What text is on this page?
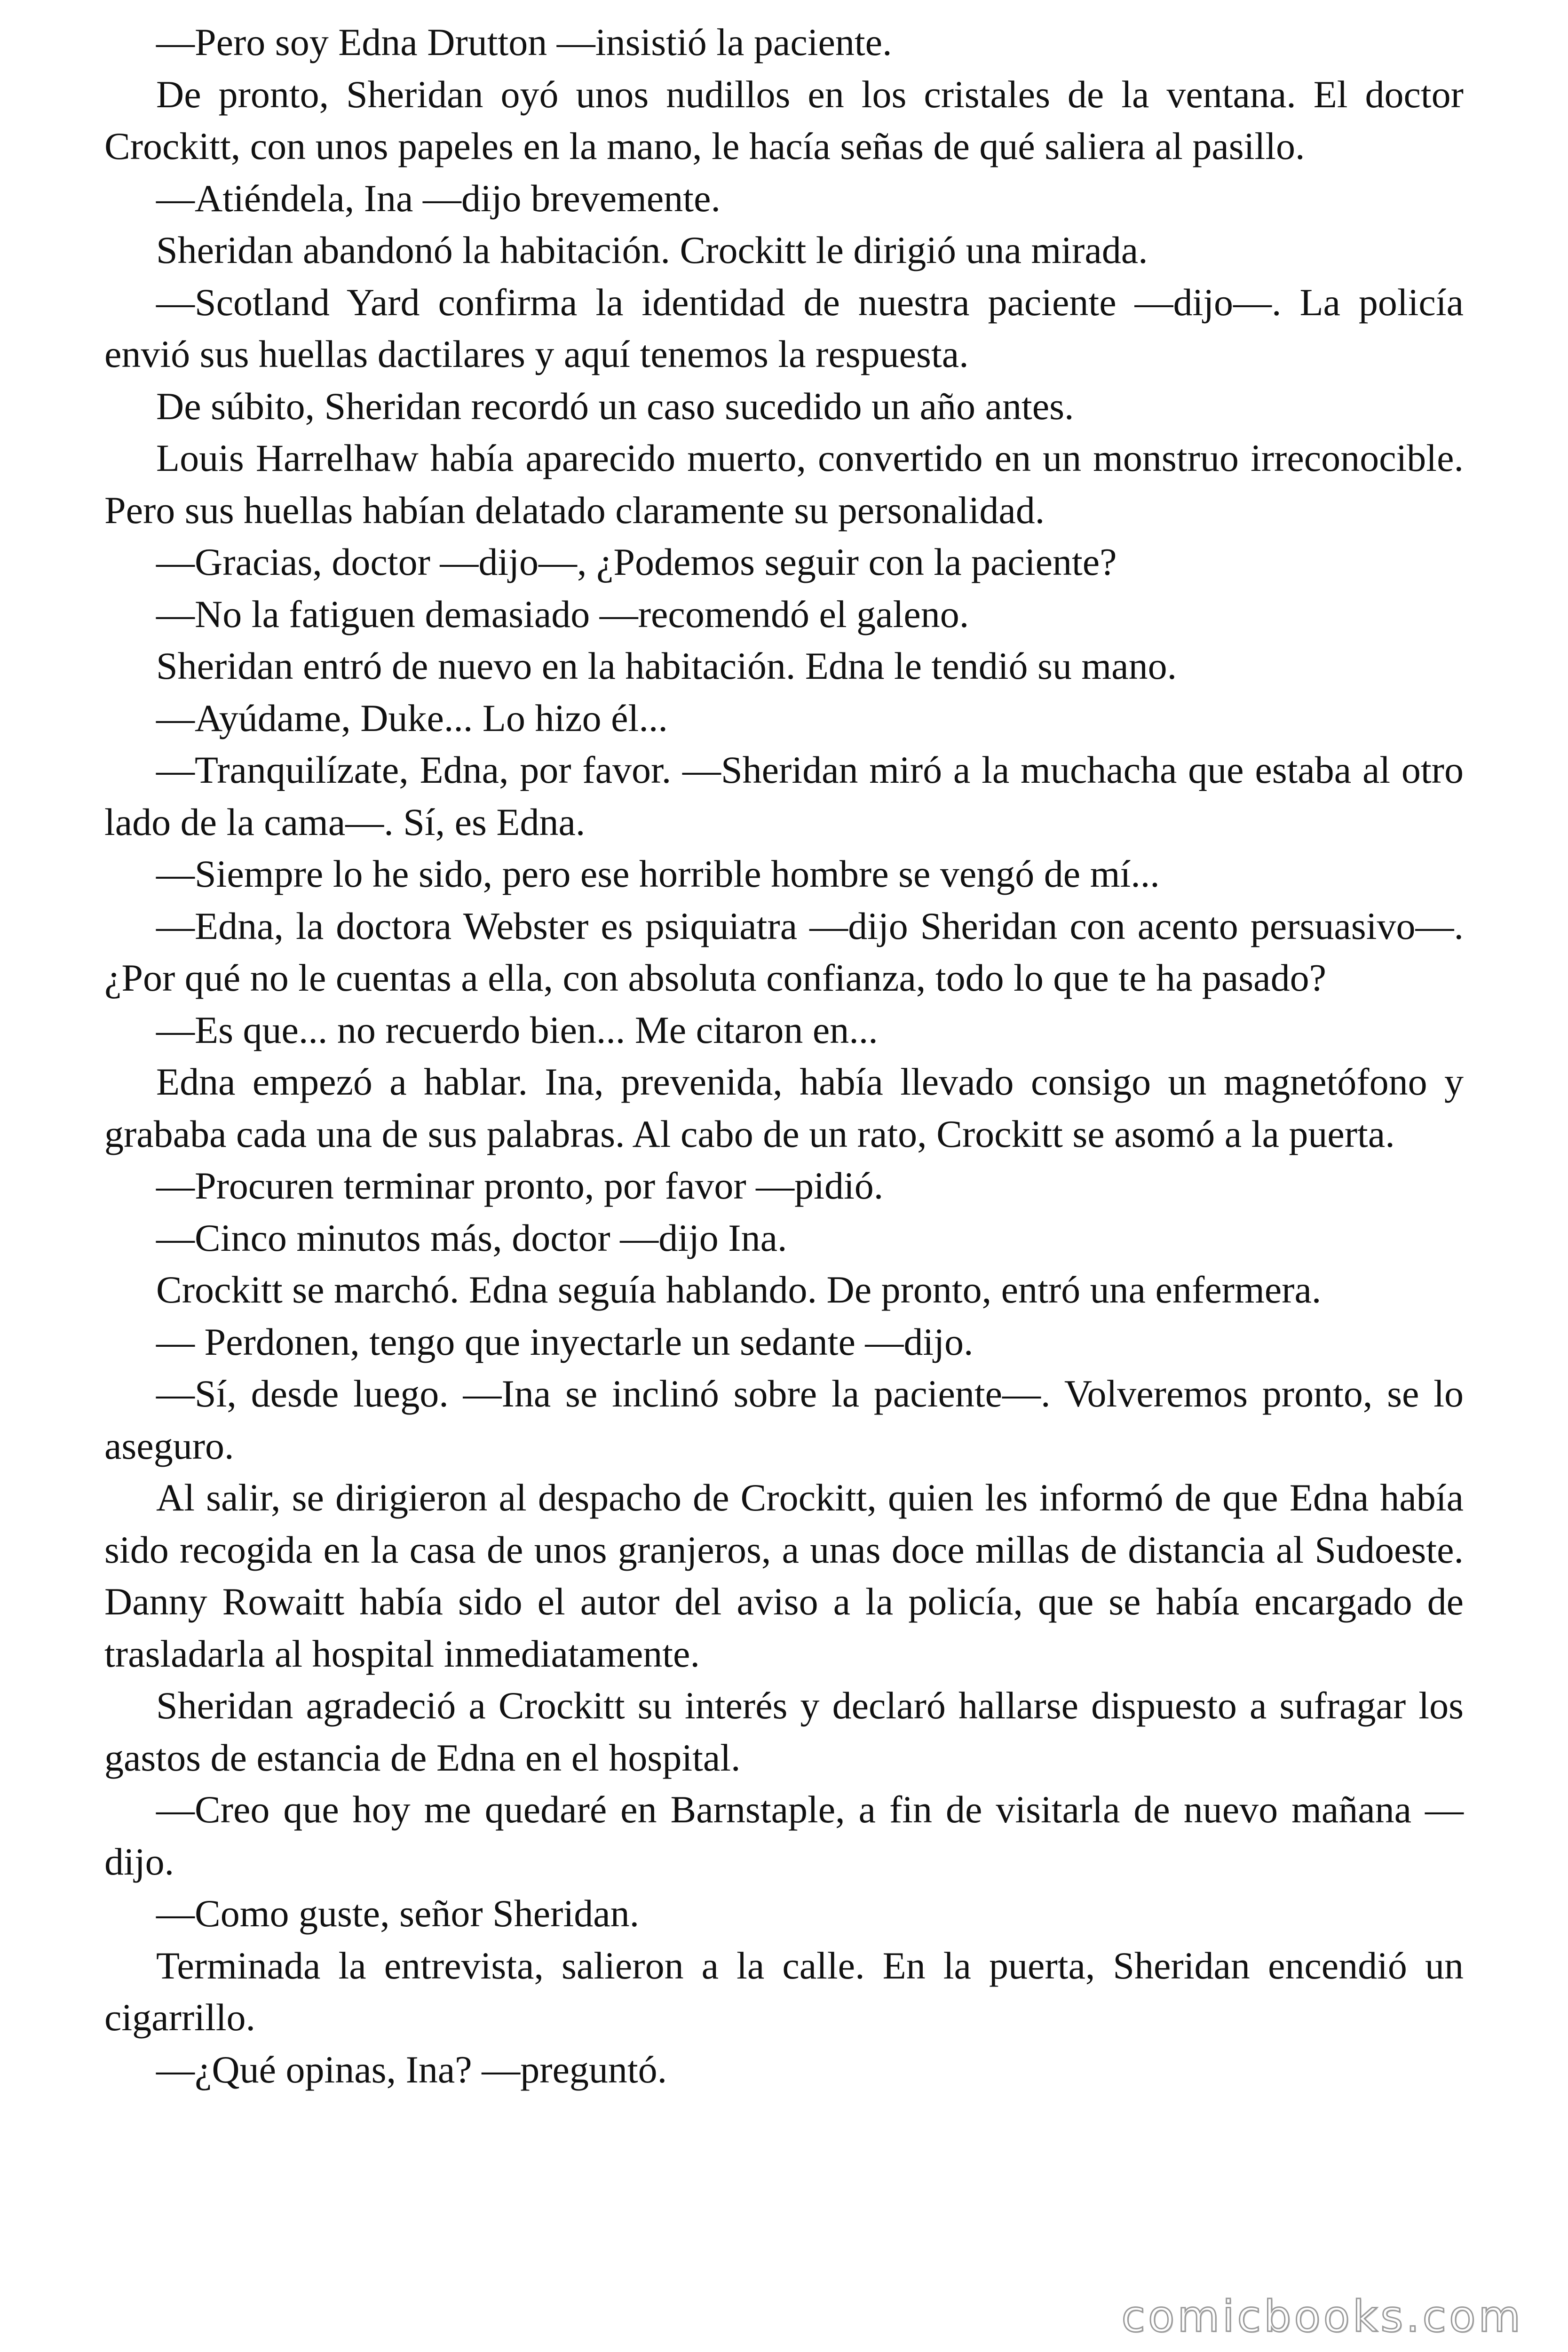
—Pero soy Edna Drutton —insistió la paciente.

De pronto, Sheridan oyó unos nudillos en los cristales de la ventana. El doctor Crockitt, con unos papeles en la mano, le hacía señas de qué saliera al pasillo.

—Atiéndela, Ina —dijo brevemente.

Sheridan abandonó la habitación. Crockitt le dirigió una mirada.

—Scotland Yard confirma la identidad de nuestra paciente —dijo—. La policía envió sus huellas dactilares y aquí tenemos la respuesta.

De súbito, Sheridan recordó un caso sucedido un año antes.

Louis Harrelhaw había aparecido muerto, convertido en un monstruo irreconocible. Pero sus huellas habían delatado claramente su personalidad.

—Gracias, doctor —dijo—, ¿Podemos seguir con la paciente?

—No la fatiguen demasiado —recomendó el galeno.

Sheridan entró de nuevo en la habitación. Edna le tendió su mano.

—Ayúdame, Duke... Lo hizo él...

—Tranquilízate, Edna, por favor. —Sheridan miró a la muchacha que estaba al otro lado de la cama—. Sí, es Edna.

—Siempre lo he sido, pero ese horrible hombre se vengó de mí...

—Edna, la doctora Webster es psiquiatra —dijo Sheridan con acento persuasivo—. ¿Por qué no le cuentas a ella, con absoluta confianza, todo lo que te ha pasado?

—Es que... no recuerdo bien... Me citaron en...

Edna empezó a hablar. Ina, prevenida, había llevado consigo un magnetófono y grababa cada una de sus palabras. Al cabo de un rato, Crockitt se asomó a la puerta.

—Procuren terminar pronto, por favor —pidió.

—Cinco minutos más, doctor —dijo Ina.

Crockitt se marchó. Edna seguía hablando. De pronto, entró una enfermera.

— Perdonen, tengo que inyectarle un sedante —dijo.

—Sí, desde luego. —Ina se inclinó sobre la paciente—. Volveremos pronto, se lo aseguro.

Al salir, se dirigieron al despacho de Crockitt, quien les informó de que Edna había sido recogida en la casa de unos granjeros, a unas doce millas de distancia al Sudoeste. Danny Rowaitt había sido el autor del aviso a la policía, que se había encargado de trasladarla al hospital inmediatamente.

Sheridan agradeció a Crockitt su interés y declaró hallarse dispuesto a sufragar los gastos de estancia de Edna en el hospital.

—Creo que hoy me quedaré en Barnstaple, a fin de visitarla de nuevo mañana —dijo.

—Como guste, señor Sheridan.

Terminada la entrevista, salieron a la calle. En la puerta, Sheridan encendió un cigarrillo.

—¿Qué opinas, Ina? —preguntó.

comicbooks.com
